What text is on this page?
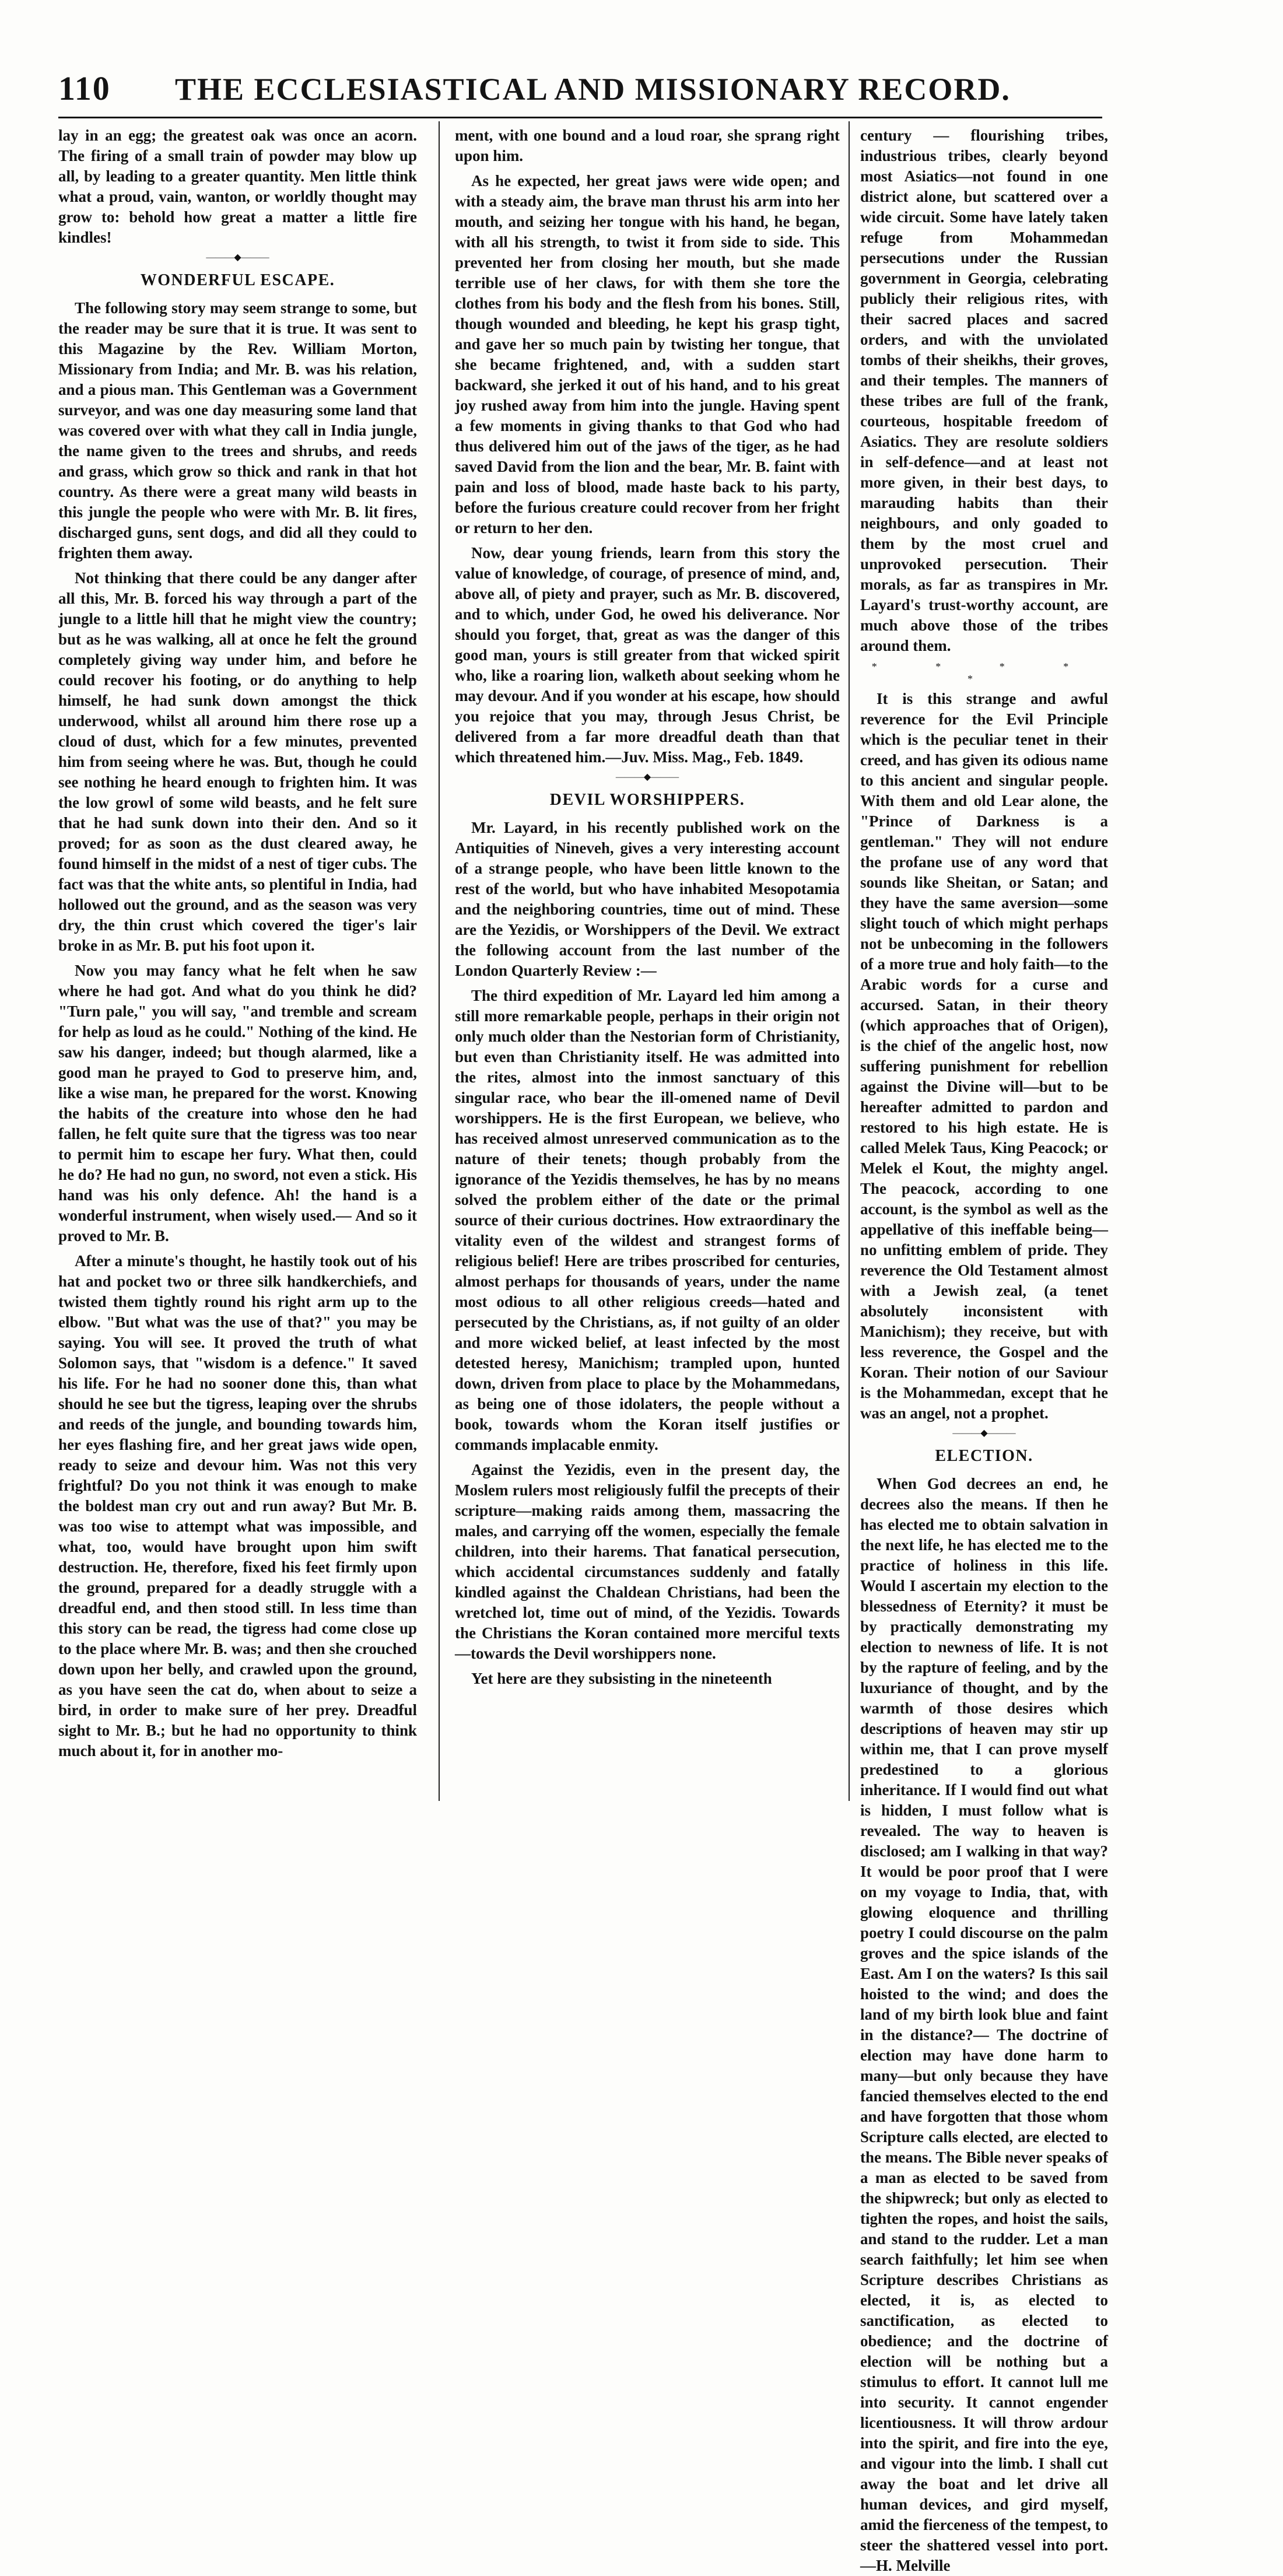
110 THE ECCLESIASTICAL AND MISSIONARY RECORD.

lay in an egg; the greatest oak was once an acorn. The firing of a small train of powder may blow up all, by leading to a greater quantity. Men little think what a proud, vain, wanton, or worldly thought may grow to: behold how great a matter a little fire kindles!

———◆———
WONDERFUL ESCAPE.

The following story may seem strange to some, but the reader may be sure that it is true. It was sent to this Magazine by the Rev. William Morton, Missionary from India; and Mr. B. was his relation, and a pious man. This Gentleman was a Government surveyor, and was one day measuring some land that was covered over with what they call in India jungle, the name given to the trees and shrubs, and reeds and grass, which grow so thick and rank in that hot country. As there were a great many wild beasts in this jungle the people who were with Mr. B. lit fires, discharged guns, sent dogs, and did all they could to frighten them away.

Not thinking that there could be any danger after all this, Mr. B. forced his way through a part of the jungle to a little hill that he might view the country; but as he was walking, all at once he felt the ground completely giving way under him, and before he could recover his footing, or do anything to help himself, he had sunk down amongst the thick underwood, whilst all around him there rose up a cloud of dust, which for a few minutes, prevented him from seeing where he was. But, though he could see nothing he heard enough to frighten him. It was the low growl of some wild beasts, and he felt sure that he had sunk down into their den. And so it proved; for as soon as the dust cleared away, he found himself in the midst of a nest of tiger cubs. The fact was that the white ants, so plentiful in India, had hollowed out the ground, and as the season was very dry, the thin crust which covered the tiger's lair broke in as Mr. B. put his foot upon it.

Now you may fancy what he felt when he saw where he had got. And what do you think he did? "Turn pale," you will say, "and tremble and scream for help as loud as he could." Nothing of the kind. He saw his danger, indeed; but though alarmed, like a good man he prayed to God to preserve him, and, like a wise man, he prepared for the worst. Knowing the habits of the creature into whose den he had fallen, he felt quite sure that the tigress was too near to permit him to escape her fury. What then, could he do? He had no gun, no sword, not even a stick. His hand was his only defence. Ah! the hand is a wonderful instrument, when wisely used.— And so it proved to Mr. B.

After a minute's thought, he hastily took out of his hat and pocket two or three silk handkerchiefs, and twisted them tightly round his right arm up to the elbow. "But what was the use of that?" you may be saying. You will see. It proved the truth of what Solomon says, that "wisdom is a defence." It saved his life. For he had no sooner done this, than what should he see but the tigress, leaping over the shrubs and reeds of the jungle, and bounding towards him, her eyes flashing fire, and her great jaws wide open, ready to seize and devour him. Was not this very frightful? Do you not think it was enough to make the boldest man cry out and run away? But Mr. B. was too wise to attempt what was impossible, and what, too, would have brought upon him swift destruction. He, therefore, fixed his feet firmly upon the ground, prepared for a deadly struggle with a dreadful end, and then stood still. In less time than this story can be read, the tigress had come close up to the place where Mr. B. was; and then she crouched down upon her belly, and crawled upon the ground, as you have seen the cat do, when about to seize a bird, in order to make sure of her prey. Dreadful sight to Mr. B.; but he had no opportunity to think much about it, for in another mo-

ment, with one bound and a loud roar, she sprang right upon him.

As he expected, her great jaws were wide open; and with a steady aim, the brave man thrust his arm into her mouth, and seizing her tongue with his hand, he began, with all his strength, to twist it from side to side. This prevented her from closing her mouth, but she made terrible use of her claws, for with them she tore the clothes from his body and the flesh from his bones. Still, though wounded and bleeding, he kept his grasp tight, and gave her so much pain by twisting her tongue, that she became frightened, and, with a sudden start backward, she jerked it out of his hand, and to his great joy rushed away from him into the jungle. Having spent a few moments in giving thanks to that God who had thus delivered him out of the jaws of the tiger, as he had saved David from the lion and the bear, Mr. B. faint with pain and loss of blood, made haste back to his party, before the furious creature could recover from her fright or return to her den.

Now, dear young friends, learn from this story the value of knowledge, of courage, of presence of mind, and, above all, of piety and prayer, such as Mr. B. discovered, and to which, under God, he owed his deliverance. Nor should you forget, that, great as was the danger of this good man, yours is still greater from that wicked spirit who, like a roaring lion, walketh about seeking whom he may devour. And if you wonder at his escape, how should you rejoice that you may, through Jesus Christ, be delivered from a far more dreadful death than that which threatened him.—Juv. Miss. Mag., Feb. 1849.

———◆———
DEVIL WORSHIPPERS.

Mr. Layard, in his recently published work on the Antiquities of Nineveh, gives a very interesting account of a strange people, who have been little known to the rest of the world, but who have inhabited Mesopotamia and the neighboring countries, time out of mind. These are the Yezidis, or Worshippers of the Devil. We extract the following account from the last number of the London Quarterly Review :—

The third expedition of Mr. Layard led him among a still more remarkable people, perhaps in their origin not only much older than the Nestorian form of Christianity, but even than Christianity itself. He was admitted into the rites, almost into the inmost sanctuary of this singular race, who bear the ill-omened name of Devil worshippers. He is the first European, we believe, who has received almost unreserved communication as to the nature of their tenets; though probably from the ignorance of the Yezidis themselves, he has by no means solved the problem either of the date or the primal source of their curious doctrines. How extraordinary the vitality even of the wildest and strangest forms of religious belief! Here are tribes proscribed for centuries, almost perhaps for thousands of years, under the name most odious to all other religious creeds—hated and persecuted by the Christians, as, if not guilty of an older and more wicked belief, at least infected by the most detested heresy, Manichism; trampled upon, hunted down, driven from place to place by the Mohammedans, as being one of those idolaters, the people without a book, towards whom the Koran itself justifies or commands implacable enmity.

Against the Yezidis, even in the present day, the Moslem rulers most religiously fulfil the precepts of their scripture—making raids among them, massacring the males, and carrying off the women, especially the female children, into their harems. That fanatical persecution, which accidental circumstances suddenly and fatally kindled against the Chaldean Christians, had been the wretched lot, time out of mind, of the Yezidis. Towards the Christians the Koran contained more merciful texts—towards the Devil worshippers none.

Yet here are they subsisting in the nineteenth

century — flourishing tribes, industrious tribes, clearly beyond most Asiatics—not found in one district alone, but scattered over a wide circuit. Some have lately taken refuge from Mohammedan persecutions under the Russian government in Georgia, celebrating publicly their religious rites, with their sacred places and sacred orders, and with the unviolated tombs of their sheikhs, their groves, and their temples. The manners of these tribes are full of the frank, courteous, hospitable freedom of Asiatics. They are resolute soldiers in self-defence—and at least not more given, in their best days, to marauding habits than their neighbours, and only goaded to them by the most cruel and unprovoked persecution. Their morals, as far as transpires in Mr. Layard's trust-worthy account, are much above those of the tribes around them.

* * * * *

It is this strange and awful reverence for the Evil Principle which is the peculiar tenet in their creed, and has given its odious name to this ancient and singular people. With them and old Lear alone, the "Prince of Darkness is a gentleman." They will not endure the profane use of any word that sounds like Sheitan, or Satan; and they have the same aversion—some slight touch of which might perhaps not be unbecoming in the followers of a more true and holy faith—to the Arabic words for a curse and accursed. Satan, in their theory (which approaches that of Origen), is the chief of the angelic host, now suffering punishment for rebellion against the Divine will—but to be hereafter admitted to pardon and restored to his high estate. He is called Melek Taus, King Peacock; or Melek el Kout, the mighty angel. The peacock, according to one account, is the symbol as well as the appellative of this ineffable being—no unfitting emblem of pride. They reverence the Old Testament almost with a Jewish zeal, (a tenet absolutely inconsistent with Manichism); they receive, but with less reverence, the Gospel and the Koran. Their notion of our Saviour is the Mohammedan, except that he was an angel, not a prophet.

———◆———
ELECTION.

When God decrees an end, he decrees also the means. If then he has elected me to obtain salvation in the next life, he has elected me to the practice of holiness in this life. Would I ascertain my election to the blessedness of Eternity? it must be by practically demonstrating my election to newness of life. It is not by the rapture of feeling, and by the luxuriance of thought, and by the warmth of those desires which descriptions of heaven may stir up within me, that I can prove myself predestined to a glorious inheritance. If I would find out what is hidden, I must follow what is revealed. The way to heaven is disclosed; am I walking in that way? It would be poor proof that I were on my voyage to India, that, with glowing eloquence and thrilling poetry I could discourse on the palm groves and the spice islands of the East. Am I on the waters? Is this sail hoisted to the wind; and does the land of my birth look blue and faint in the distance?— The doctrine of election may have done harm to many—but only because they have fancied themselves elected to the end and have forgotten that those whom Scripture calls elected, are elected to the means. The Bible never speaks of a man as elected to be saved from the shipwreck; but only as elected to tighten the ropes, and hoist the sails, and stand to the rudder. Let a man search faithfully; let him see when Scripture describes Christians as elected, it is, as elected to sanctification, as elected to obedience; and the doctrine of election will be nothing but a stimulus to effort. It cannot lull me into security. It cannot engender licentiousness. It will throw ardour into the spirit, and fire into the eye, and vigour into the limb. I shall cut away the boat and let drive all human devices, and gird myself, amid the fierceness of the tempest, to steer the shattered vessel into port.—H. Melville
